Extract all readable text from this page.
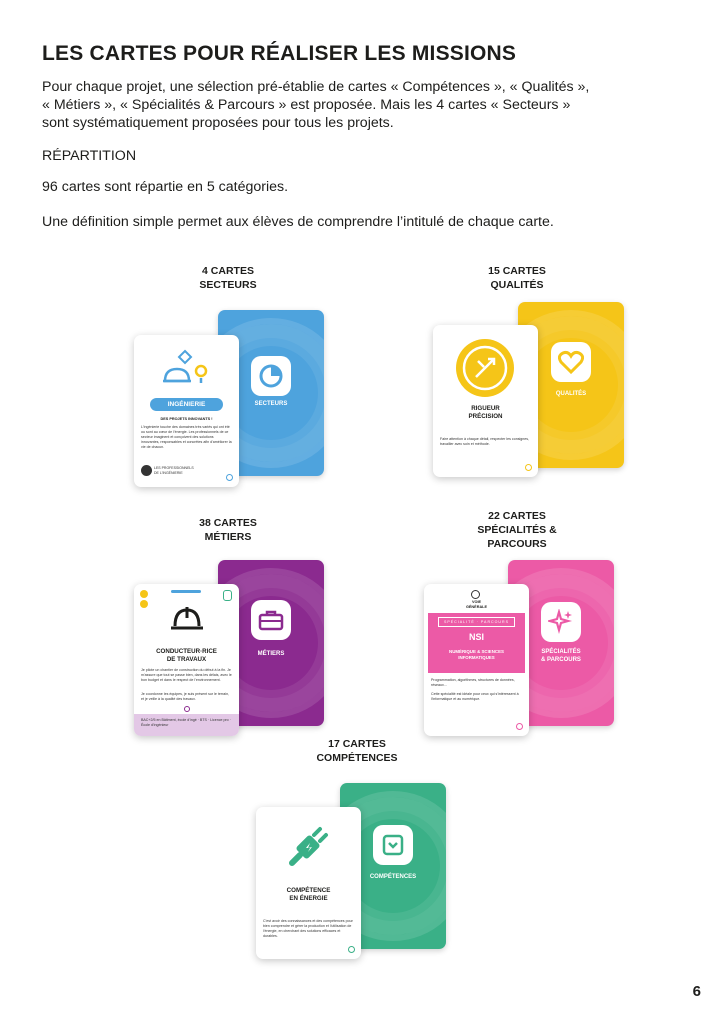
LES CARTES POUR RÉALISER LES MISSIONS
Pour chaque projet, une sélection pré-établie de cartes « Compétences », « Qualités »,
« Métiers », « Spécialités & Parcours » est proposée. Mais les 4 cartes « Secteurs »
sont systématiquement proposées pour tous les projets.
RÉPARTITION
96 cartes sont répartie en 5 catégories.
Une définition simple permet aux élèves de comprendre l’intitulé de chaque carte.
4 CARTES
SECTEURS
SECTEURS
INGÉNIERIE
DES PROJETS INNOVANTS !
L'ingénierie touche des domaines très variés qui ont été ou sont au cœur de l'énergie. Les professionnels de ce secteur imaginent et conçoivent des solutions innovantes, responsables et concrètes afin d'améliorer la vie de chacun.
LES PROFESSIONNELS DE L'INGÉNIERIE
15 CARTES
QUALITÉS
QUALITÉS
RIGUEUR
PRÉCISION
Faire attention à chaque détail, respecter les consignes, travailler avec soin et méthode.
38 CARTES
MÉTIERS
MÉTIERS
CONDUCTEUR·RICE
DE TRAVAUX
Je pilote un chantier de construction du début à la fin. Je m'assure que tout se passe bien, dans les délais, avec le bon budget et dans le respect de l'environnement.
Je coordonne les équipes, je suis présent sur le terrain, et je veille à la qualité des travaux.
BAC+2/5 en Bâtiment, école d'ingé · BTS · Licence pro · École d'ingénieur
22 CARTES
SPÉCIALITÉS &
PARCOURS
SPÉCIALITÉS
& PARCOURS
VOIE
GÉNÉRALE
SPÉCIALITÉ · PARCOURS
NSI
NUMÉRIQUE & SCIENCES
INFORMATIQUES
Programmation, algorithmes, structures de données, réseaux...
Cette spécialité est idéale pour ceux qui s'intéressent à l'informatique et au numérique.
17 CARTES
COMPÉTENCES
COMPÉTENCES
COMPÉTENCE
EN ÉNERGIE
C'est avoir des connaissances et des compétences pour bien comprendre et gérer la production et l'utilisation de l'énergie, en cherchant des solutions efficaces et durables.
6
